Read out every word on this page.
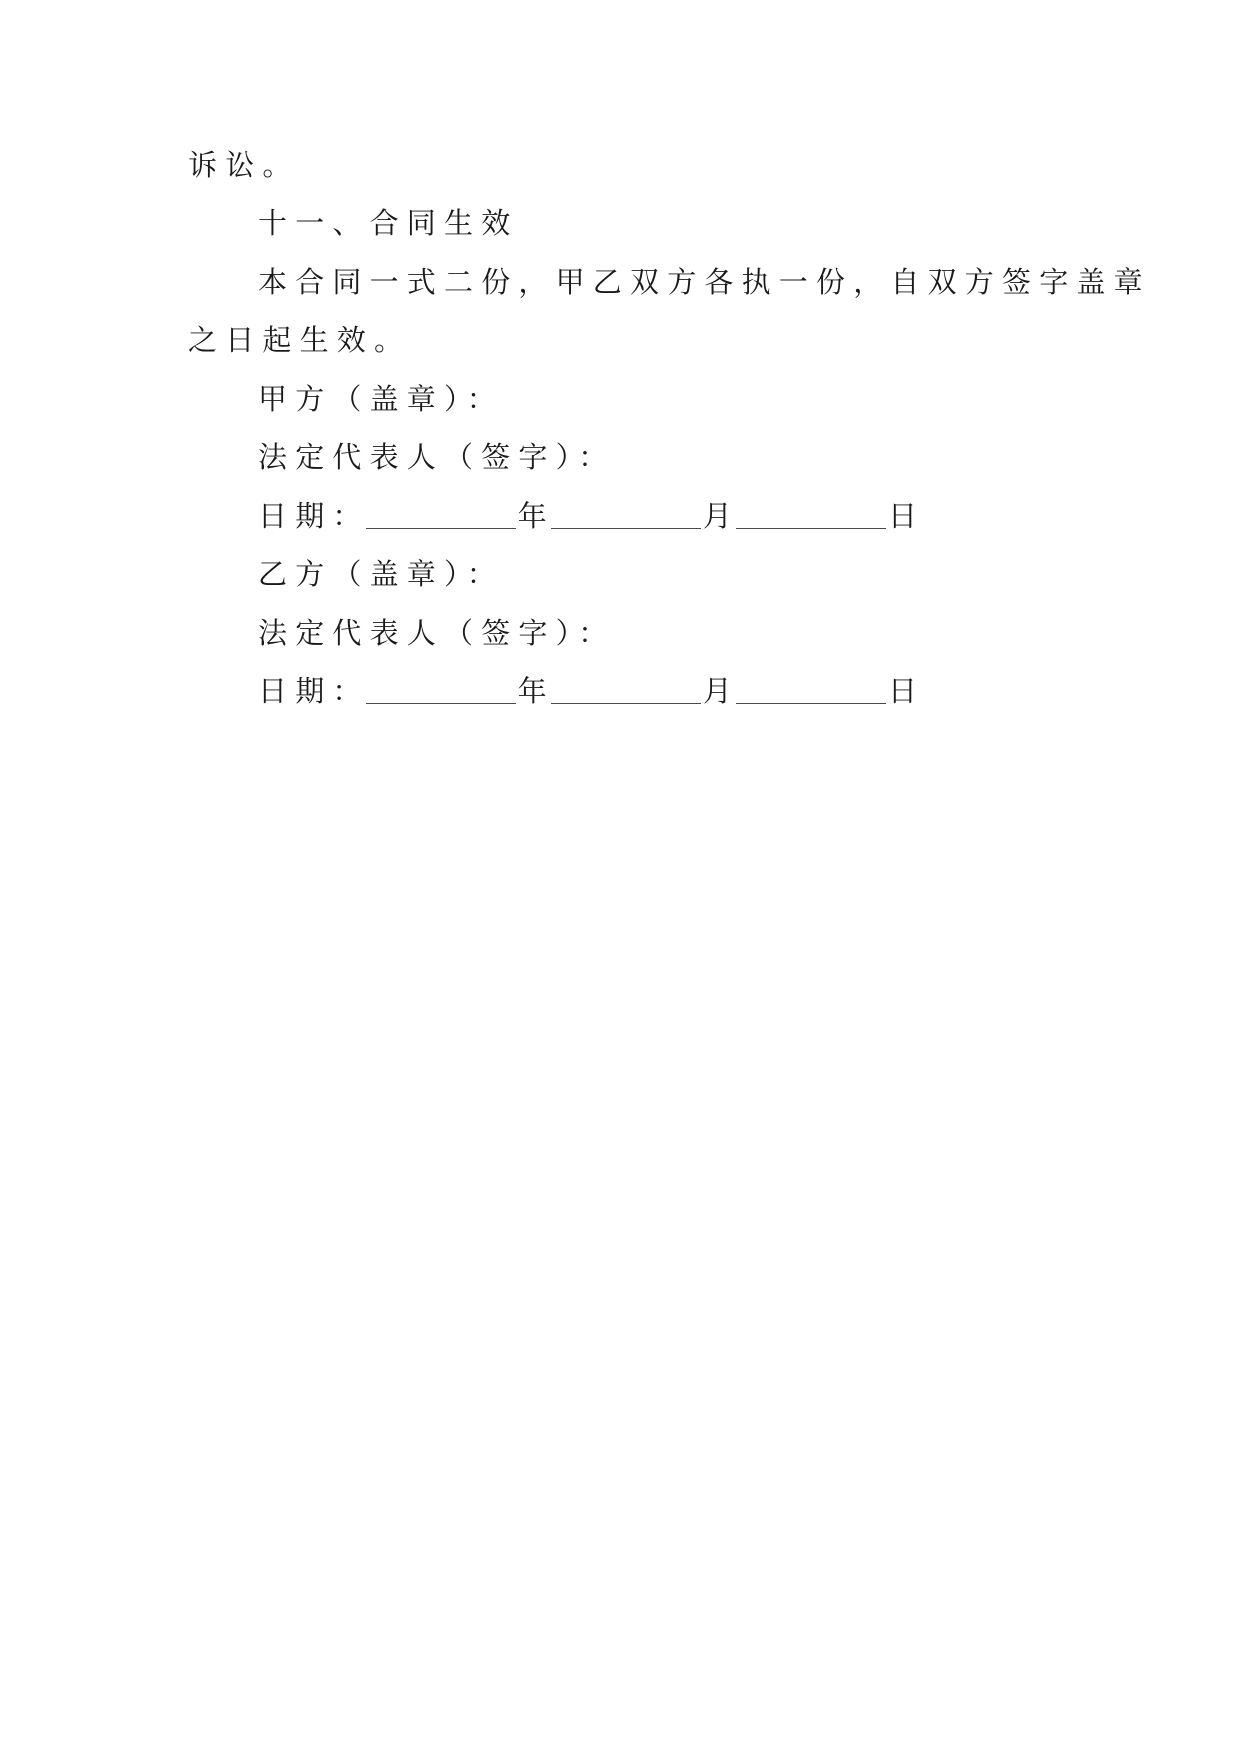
诉讼。
十一、合同生效
本合同一式二份，甲乙双方各执一份，自双方签字盖章
之日起生效。
甲方（盖章）：
法定代表人（签字）：
日期：	年	月	日
乙方（盖章）：
法定代表人（签字）：
日期：	年	月	日
